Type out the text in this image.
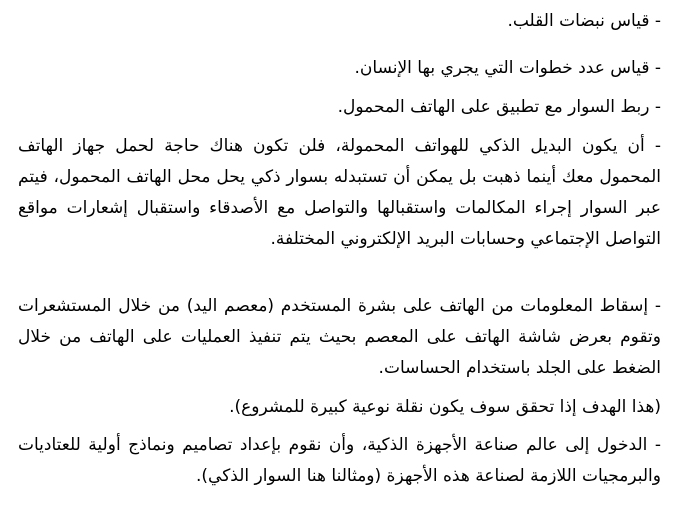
- قياس نبضات القلب.

- قياس عدد خطوات التي يجري بها الإنسان.

- ربط السوار مع تطبيق على الهاتف المحمول.

- أن يكون البديل الذكي للهواتف المحمولة، فلن تكون هناك حاجة لحمل جهاز الهاتف المحمول معك أينما ذهبت بل يمكن أن تستبدله بسوار ذكي يحل محل الهاتف المحمول، فيتم عبر السوار إجراء المكالمات واستقبالها والتواصل مع الأصدقاء واستقبال إشعارات مواقع التواصل الإجتماعي وحسابات البريد الإلكتروني المختلفة.

- إسقاط المعلومات من الهاتف على بشرة المستخدم (معصم اليد) من خلال المستشعرات وتقوم بعرض شاشة الهاتف على المعصم بحيث يتم تنفيذ العمليات على الهاتف من خلال الضغط على الجلد باستخدام الحساسات.

(هذا الهدف إذا تحقق سوف يكون نقلة نوعية كبيرة للمشروع).

- الدخول إلى عالم صناعة الأجهزة الذكية، وأن نقوم بإعداد تصاميم ونماذج أولية للعتاديات والبرمجيات اللازمة لصناعة هذه الأجهزة (ومثالنا هنا السوار الذكي).
